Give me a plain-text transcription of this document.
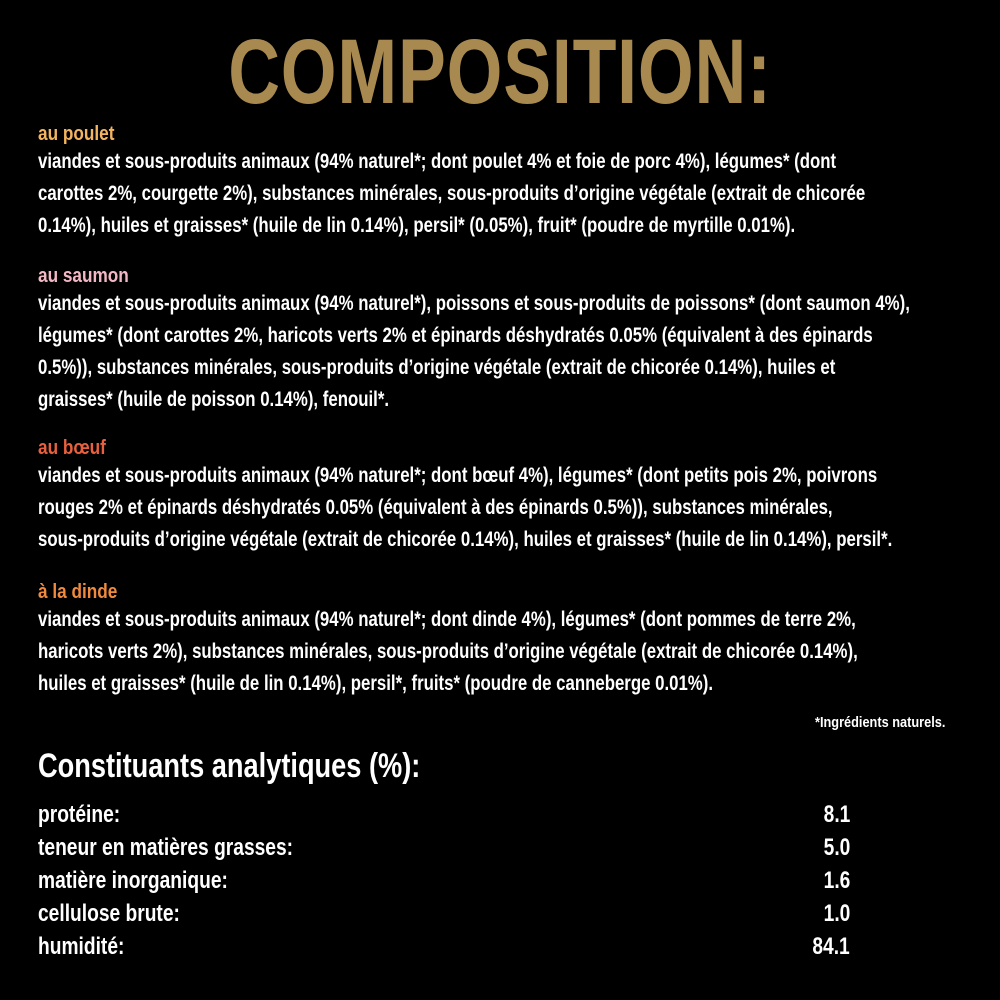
COMPOSITION:
au poulet
viandes et sous-produits animaux (94% naturel*; dont poulet 4% et foie de porc 4%), légumes* (dont
carottes 2%, courgette 2%), substances minérales, sous-produits d’origine végétale (extrait de chicorée
0.14%), huiles et graisses* (huile de lin 0.14%), persil* (0.05%), fruit* (poudre de myrtille 0.01%).
au saumon
viandes et sous-produits animaux (94% naturel*), poissons et sous-produits de poissons* (dont saumon 4%),
légumes* (dont carottes 2%, haricots verts 2% et épinards déshydratés 0.05% (équivalent à des épinards
0.5%)), substances minérales, sous-produits d’origine végétale (extrait de chicorée 0.14%), huiles et
graisses* (huile de poisson 0.14%), fenouil*.
au bœuf
viandes et sous-produits animaux (94% naturel*; dont bœuf 4%), légumes* (dont petits pois 2%, poivrons
rouges 2% et épinards déshydratés 0.05% (équivalent à des épinards 0.5%)), substances minérales,
sous-produits d’origine végétale (extrait de chicorée 0.14%), huiles et graisses* (huile de lin 0.14%), persil*.
à la dinde
viandes et sous-produits animaux (94% naturel*; dont dinde 4%), légumes* (dont pommes de terre 2%,
haricots verts 2%), substances minérales, sous-produits d’origine végétale (extrait de chicorée 0.14%),
huiles et graisses* (huile de lin 0.14%), persil*, fruits* (poudre de canneberge 0.01%).
*Ingrédients naturels.
Constituants analytiques (%):
protéine:	8.1
teneur en matières grasses:	5.0
matière inorganique:	1.6
cellulose brute:	1.0
humidité:	84.1
